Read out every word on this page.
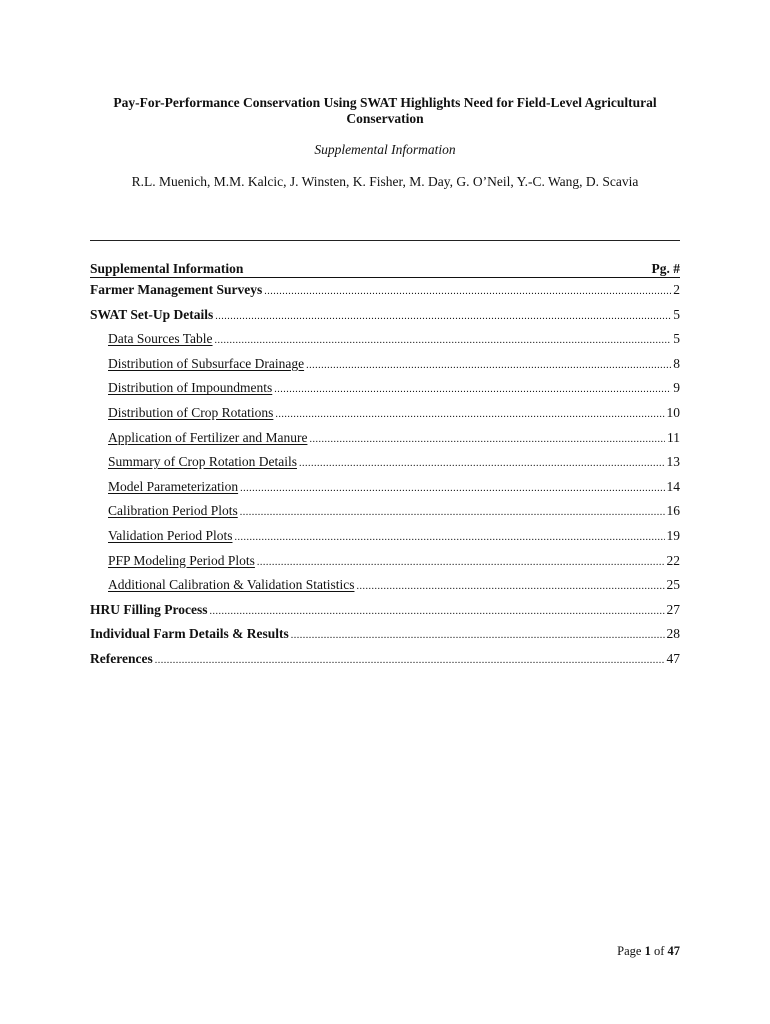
Pay-For-Performance Conservation Using SWAT Highlights Need for Field-Level Agricultural Conservation
Supplemental Information
R.L. Muenich, M.M. Kalcic, J. Winsten, K. Fisher, M. Day, G. O’Neil, Y.-C. Wang, D. Scavia
Supplemental Information	Pg. #
Farmer Management Surveys .....	2
SWAT Set-Up Details .....	5
Data Sources Table .....	5
Distribution of Subsurface Drainage .....	8
Distribution of Impoundments .....	9
Distribution of Crop Rotations .....	10
Application of Fertilizer and Manure .....	11
Summary of Crop Rotation Details .....	13
Model Parameterization .....	14
Calibration Period Plots .....	16
Validation Period Plots .....	19
PFP Modeling Period Plots .....	22
Additional Calibration & Validation Statistics .....	25
HRU Filling Process .....	27
Individual Farm Details & Results .....	28
References .....	47
Page 1 of 47
